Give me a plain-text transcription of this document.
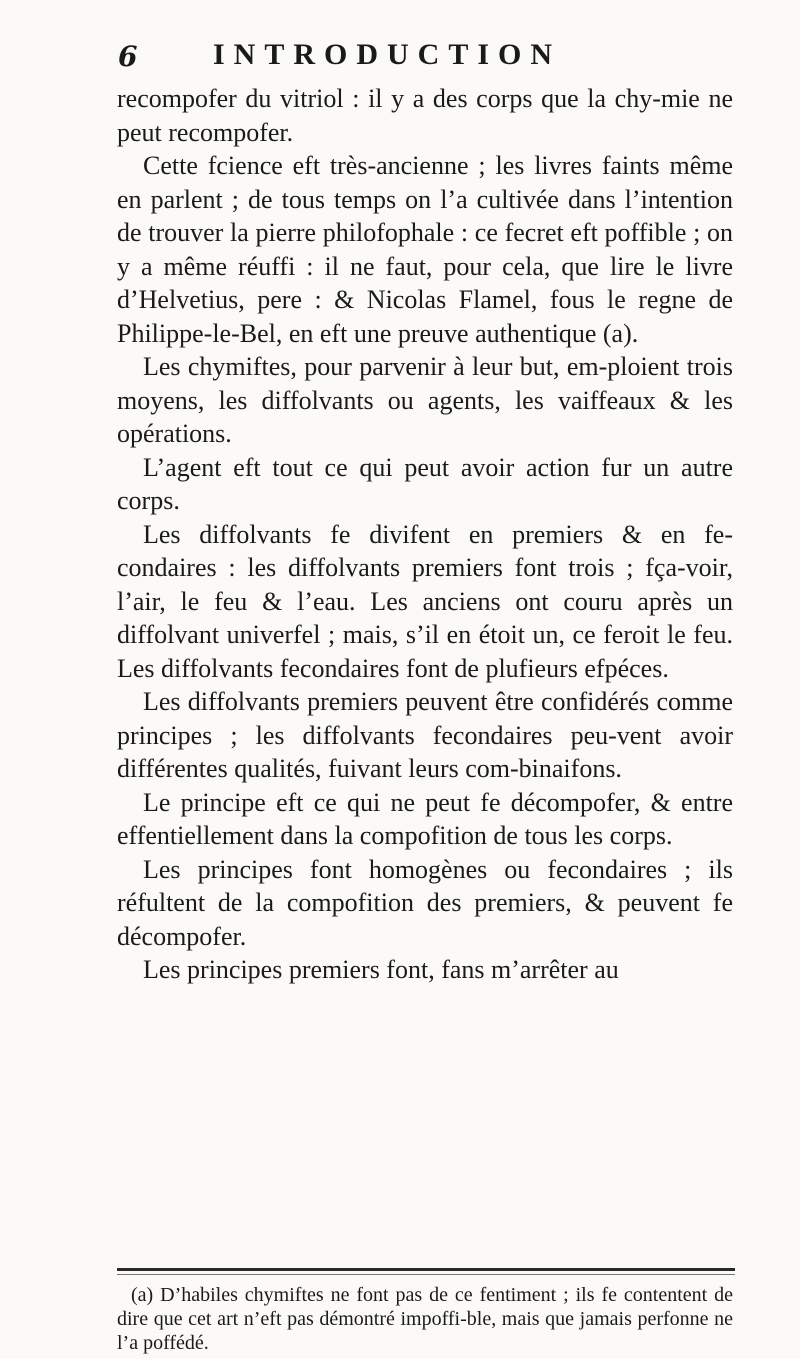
6	INTRODUCTION

recompofer du vitriol : il y a des corps que la chy-mie ne peut recompofer.

Cette fcience eft très-ancienne ; les livres faints même en parlent ; de tous temps on l’a cultivée dans l’intention de trouver la pierre philofophale : ce fecret eft poffible ; on y a même réuffi : il ne faut, pour cela, que lire le livre d’Helvetius, pere : & Nicolas Flamel, fous le regne de Philippe-le-Bel, en eft une preuve authentique (a).

Les chymiftes, pour parvenir à leur but, em-ploient trois moyens, les diffolvants ou agents, les vaiffeaux & les opérations.

L’agent eft tout ce qui peut avoir action fur un autre corps.

Les diffolvants fe divifent en premiers & en fe-condaires : les diffolvants premiers font trois ; fça-voir, l’air, le feu & l’eau. Les anciens ont couru après un diffolvant univerfel ; mais, s’il en étoit un, ce feroit le feu. Les diffolvants fecondaires font de plufieurs efpéces.

Les diffolvants premiers peuvent être confidérés comme principes ; les diffolvants fecondaires peu-vent avoir différentes qualités, fuivant leurs com-binaifons.

Le principe eft ce qui ne peut fe décompofer, & entre effentiellement dans la compofition de tous les corps.

Les principes font homogènes ou fecondaires ; ils réfultent de la compofition des premiers, & peuvent fe décompofer.

Les principes premiers font, fans m’arrêter au

(a) D’habiles chymiftes ne font pas de ce fentiment ; ils fe contentent de dire que cet art n’eft pas démontré impoffi-ble, mais que jamais perfonne ne l’a poffédé.
